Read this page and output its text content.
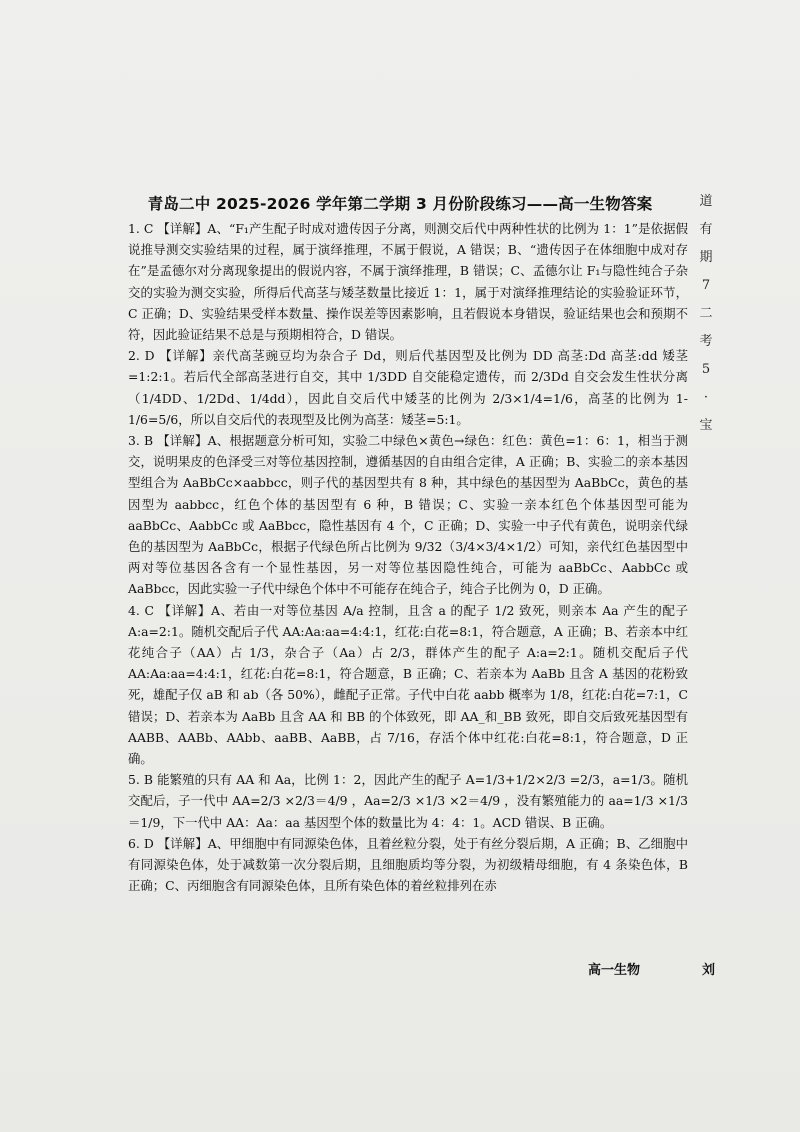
青岛二中 2025-2026 学年第二学期 3 月份阶段练习——高一生物答案

1. C 【详解】A、“F₁产生配子时成对遗传因子分离，则测交后代中两种性状的比例为 1：1”是依据假说推导测交实验结果的过程，属于演绎推理，不属于假说，A 错误；B、“遗传因子在体细胞中成对存在”是孟德尔对分离现象提出的假说内容，不属于演绎推理，B 错误；C、孟德尔让 F₁与隐性纯合子杂交的实验为测交实验，所得后代高茎与矮茎数量比接近 1：1，属于对演绎推理结论的实验验证环节，C 正确；D、实验结果受样本数量、操作误差等因素影响，且若假说本身错误，验证结果也会和预期不符，因此验证结果不总是与预期相符合，D 错误。

2. D 【详解】亲代高茎豌豆均为杂合子 Dd，则后代基因型及比例为 DD 高茎:Dd 高茎:dd 矮茎=1:2:1。若后代全部高茎进行自交，其中 1/3DD 自交能稳定遗传，而 2/3Dd 自交会发生性状分离（1/4DD、1/2Dd、1/4dd），因此自交后代中矮茎的比例为 2/3×1/4=1/6，高茎的比例为 1-1/6=5/6，所以自交后代的表现型及比例为高茎：矮茎=5:1。

3. B 【详解】A、根据题意分析可知，实验二中绿色×黄色→绿色：红色：黄色=1：6：1，相当于测交，说明果皮的色泽受三对等位基因控制，遵循基因的自由组合定律，A 正确；B、实验二的亲本基因型组合为 AaBbCc×aabbcc，则子代的基因型共有 8 种，其中绿色的基因型为 AaBbCc，黄色的基因型为 aabbcc，红色个体的基因型有 6 种，B 错误；C、实验一亲本红色个体基因型可能为 aaBbCc、AabbCc 或 AaBbcc，隐性基因有 4 个，C 正确；D、实验一中子代有黄色，说明亲代绿色的基因型为 AaBbCc，根据子代绿色所占比例为 9/32（3/4×3/4×1/2）可知，亲代红色基因型中两对等位基因各含有一个显性基因，另一对等位基因隐性纯合，可能为 aaBbCc、AabbCc 或 AaBbcc，因此实验一子代中绿色个体中不可能存在纯合子，纯合子比例为 0，D 正确。

4. C 【详解】A、若由一对等位基因 A/a 控制，且含 a 的配子 1/2 致死，则亲本 Aa 产生的配子 A:a=2:1。随机交配后子代 AA:Aa:aa=4:4:1，红花:白花=8:1，符合题意，A 正确；B、若亲本中红花纯合子（AA）占 1/3，杂合子（Aa）占 2/3，群体产生的配子 A:a=2:1。随机交配后子代 AA:Aa:aa=4:4:1，红花:白花=8:1，符合题意，B 正确；C、若亲本为 AaBb 且含 A 基因的花粉致死，雄配子仅 aB 和 ab（各 50%），雌配子正常。子代中白花 aabb 概率为 1/8，红花:白花=7:1，C 错误；D、若亲本为 AaBb 且含 AA 和 BB 的个体致死，即 AA_和_BB 致死，即自交后致死基因型有 AABB、AABb、AAbb、aaBB、AaBB，占 7/16，存活个体中红花:白花=8:1，符合题意，D 正确。

5. B 能繁殖的只有 AA 和 Aa，比例 1：2，因此产生的配子 A=1/3+1/2×2/3 =2/3，a=1/3。随机交配后，子一代中 AA=2/3 ×2/3＝4/9 ，Aa=2/3 ×1/3 ×2＝4/9 ，没有繁殖能力的 aa=1/3 ×1/3＝1/9，下一代中 AA：Aa：aa 基因型个体的数量比为 4：4：1。ACD 错误、B 正确。

6. D 【详解】A、甲细胞中有同源染色体，且着丝粒分裂，处于有丝分裂后期，A 正确；B、乙细胞中有同源染色体，处于减数第一次分裂后期，且细胞质均等分裂，为初级精母细胞，有 4 条染色体，B 正确；C、丙细胞含有同源染色体，且所有染色体的着丝粒排列在赤

道
有
期
7
二
考
5
·
宝
高一生物	刘
